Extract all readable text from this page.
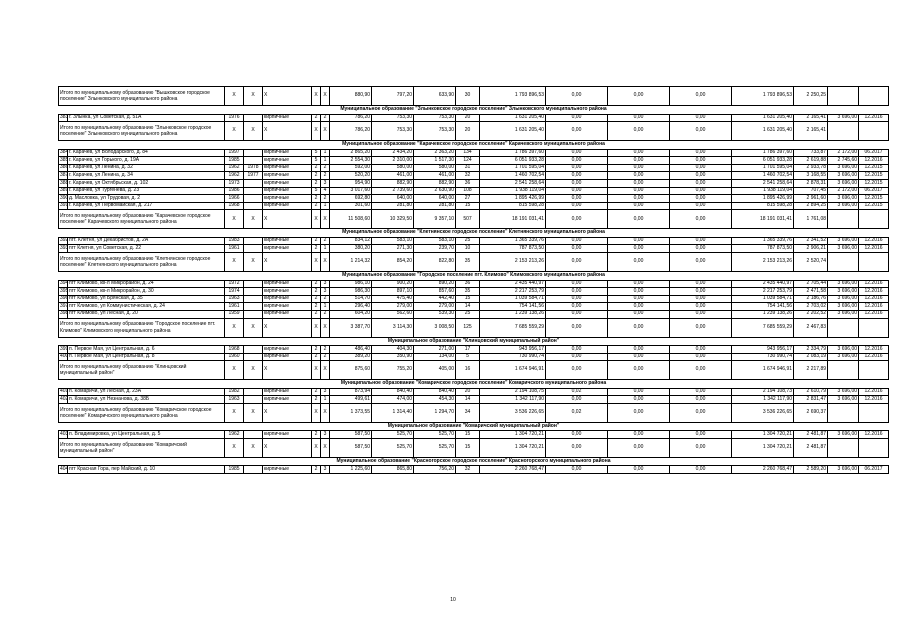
Итого по муниципальному образованию "Вышковское городское поселение" Злынковского муниципального района		X	X	X	X	X	880,90	797,20	633,90	30	1 793 896,53	0,00	0,00	0,00	1 793 896,53	2 250,25		
Муниципальное образование "Злынковское городское поселение" Злынковского муниципального района																		
383	г. Злынка, ул Советская, д. 51А	1976		кирпичные	2	2	786,20	753,30	753,30	20	1 631 205,40	0,00	0,00	0,00	1 631 205,40	2 165,41	3 696,00	12.2016
Итого по муниципальному образованию "Злынковское городское поселение" Злынковского муниципального района		X	X	X	X	X	786,20	753,30	753,30	20	1 631 205,40	0,00	0,00	0,00	1 631 205,40	2 165,41		
Муниципальное образование "Карачевское городское поселение" Карачевского муниципального района																		
384	г. Карачев, ул Володарского, д. 84	1997		кирпичные	5	1	2 865,20	2 434,20	2 363,20	134	1 786 397,60	0,00	0,00	0,00	1 786 397,60	733,87	2 172,00	06.2017
385	г. Карачев, ул Горького, д. 19А	1985		кирпичные	5	1	2 554,30	2 310,00	1 517,30	124	6 051 933,28	0,00	0,00	0,00	6 051 933,28	2 619,88	2 745,60	12.2016
386	г. Карачев, ул Ленина, д. 32	1962	1978	кирпичные	2	2	592,00	580,00	580,00	31	1 701 595,04	0,00	0,00	0,00	1 701 595,04	2 933,78	3 696,00	12.2015
387	г. Карачев, ул Ленина, д. 34	1962	1977	кирпичные	2	2	520,20	461,00	461,00	32	1 460 702,54	0,00	0,00	0,00	1 460 702,54	3 168,55	3 696,00	12.2015
388	г. Карачев, ул Октябрьская, д. 102	1973		кирпичные	2	3	954,90	882,90	882,90	36	2 541 258,64	0,00	0,00	0,00	2 541 258,64	2 878,31	3 696,00	12.2015
389	г. Карачев, ул Тургенева, д. 23	1986		кирпичные	5	4	3 017,60	2 739,60	2 630,90	108	1 938 119,04	0,00	0,00	0,00	1 938 119,04	707,45	2 172,00	06.2017
390	д. Масловка, ул Трудовая, д. 2	1966		кирпичные	2	2	692,80	640,00	640,00	27	1 895 426,99	0,00	0,00	0,00	1 895 426,99	2 961,60	3 696,00	12.2015
391	г. Карачев, ул Первомайская, д. 217	1968		кирпичные	2	1	301,60	281,80	281,80	15	815 598,28	0,00	0,00	0,00	815 598,28	2 894,25	3 696,00	12.2015
Итого по муниципальному образованию "Карачевское городское поселение" Карачевского муниципального района		X	X	X	X	X	11 508,60	10 329,50	9 357,10	507	18 191 031,41	0,00	0,00	0,00	18 191 031,41	1 761,08		
Муниципальное образование "Клетнянское городское поселение" Клетнянского муниципального района																		
392	пгт. Клетня, ул Декабристов, д. 2А	1983		кирпичные	2	2	834,12	583,10	583,10	25	1 365 339,76	0,00	0,00	0,00	1 365 339,76	2 341,52	3 696,00	12.2016
393	пгт Клетня, ул Советская, д. 22	1961		кирпичные	2	1	380,20	271,30	239,70	10	787 873,50	0,00	0,00	0,00	787 873,50	2 906,21	3 696,00	12.2016
Итого по муниципальному образованию "Клетнянское городское поселение" Клетнянского муниципального района		X	X	X	X	X	1 214,32	854,20	822,80	35	2 153 213,26	0,00	0,00	0,00	2 153 213,26	2 520,74		
Муниципальное образование "Городское поселение пгт. Климово" Климовского муниципального района																		
394	пгт Климово, кв-л Микрорайон, д. 24	1972		кирпичные	2	3	986,10	900,20	890,20	36	2 435 440,97	0,00	0,00	0,00	2 435 440,97	2 705,44	3 696,00	12.2016
395	пгт Климово, кв-л Микрорайон, д. 30	1974		кирпичные	2	3	986,30	897,10	857,60	35	2 217 253,79	0,00	0,00	0,00	2 217 253,79	2 471,58	3 696,00	12.2016
396	пгт Климово, ул Брянская, д. 35	1963		кирпичные	2	2	514,70	475,40	442,40	15	1 039 584,71	0,00	0,00	0,00	1 039 584,71	2 186,76	3 696,00	12.2016
397	пгт Климово, ул Коммунистическая, д. 24	1961		кирпичные	2	1	296,40	279,00	279,00	14	754 141,56	0,00	0,00	0,00	754 141,56	2 703,02	3 696,00	12.2016
398	пгт Климово, ул Лесная, д. 20	1959		кирпичные	2	2	604,20	562,60	539,30	25	1 239 138,26	0,00	0,00	0,00	1 239 138,26	2 202,52	3 696,00	12.2016
Итого по муниципальному образованию "Городское поселение пгт. Климово" Климовского муниципального района		X	X	X	X	X	3 387,70	3 114,30	3 008,50	125	7 685 559,29	0,00	0,00	0,00	7 685 559,29	2 467,83		
Муниципальное образование "Клинцовский муниципальный район"																		
399	п. Первое Мая, ул Центральная, д. 6	1968		кирпичные	2	2	486,40	404,30	271,00	17	943 956,17	0,00	0,00	0,00	943 956,17	2 334,79	3 696,00	12.2016
400	п. Первое Мая, ул Центральная, д. 8	1960		кирпичные	2	2	389,20	350,90	134,00	5	730 990,74	0,00	0,00	0,00	730 990,74	2 083,19	3 696,00	12.2016
Итого по муниципальному образованию "Клинцовский муниципальный район"		X	X	X	X	X	875,60	755,20	405,00	16	1 674 946,91	0,00	0,00	0,00	1 674 946,91	2 217,89		
Муниципальное образование "Комаричское городское поселение" Комаричского муниципального района																		
401	п. Комаричи, ул Лесная, д. 23А	1982		кирпичные	2	3	873,94	840,40	840,40	20	2 194 108,75	0,02	0,00	0,00	2 194 108,73	2 610,79	3 696,00	12.2016
402	п. Комаричи, ул Незнанова, д. 38Б	1963		кирпичные	2	1	499,61	474,00	454,30	14	1 342 117,90	0,00	0,00	0,00	1 342 117,90	2 831,47	3 696,00	12.2016
Итого по муниципальному образованию "Комаричское городское поселение" Комаричского муниципального района		X	X	X	X	X	1 373,55	1 314,40	1 294,70	34	3 536 226,65	0,02	0,00	0,00	3 536 226,65	2 690,37		
Муниципальное образование "Комаричский муниципальный район"																		
403	п. Владимировка, ул Центральная, д. 5	1962		кирпичные	2	3	587,50	525,70	525,70	15	1 304 720,21	0,00	0,00	0,00	1 304 720,21	2 481,87	3 696,00	12.2016
Итого по муниципальному образованию "Комаричский муниципальный район"		X	X	X	X	X	587,50	525,70	525,70	15	1 304 720,21	0,00	0,00	0,00	1 304 720,21	2 481,87		
Муниципальное образование "Красногорское городское поселение" Красногорского муниципального района																		
404	пгт Красная Гора, пер Майский, д. 10	1985		кирпичные	2	3	1 225,60	865,80	756,20	32	2 260 768,47	0,00	0,00	0,00	2 260 768,47	2 589,20	3 696,00	06.2017
10
